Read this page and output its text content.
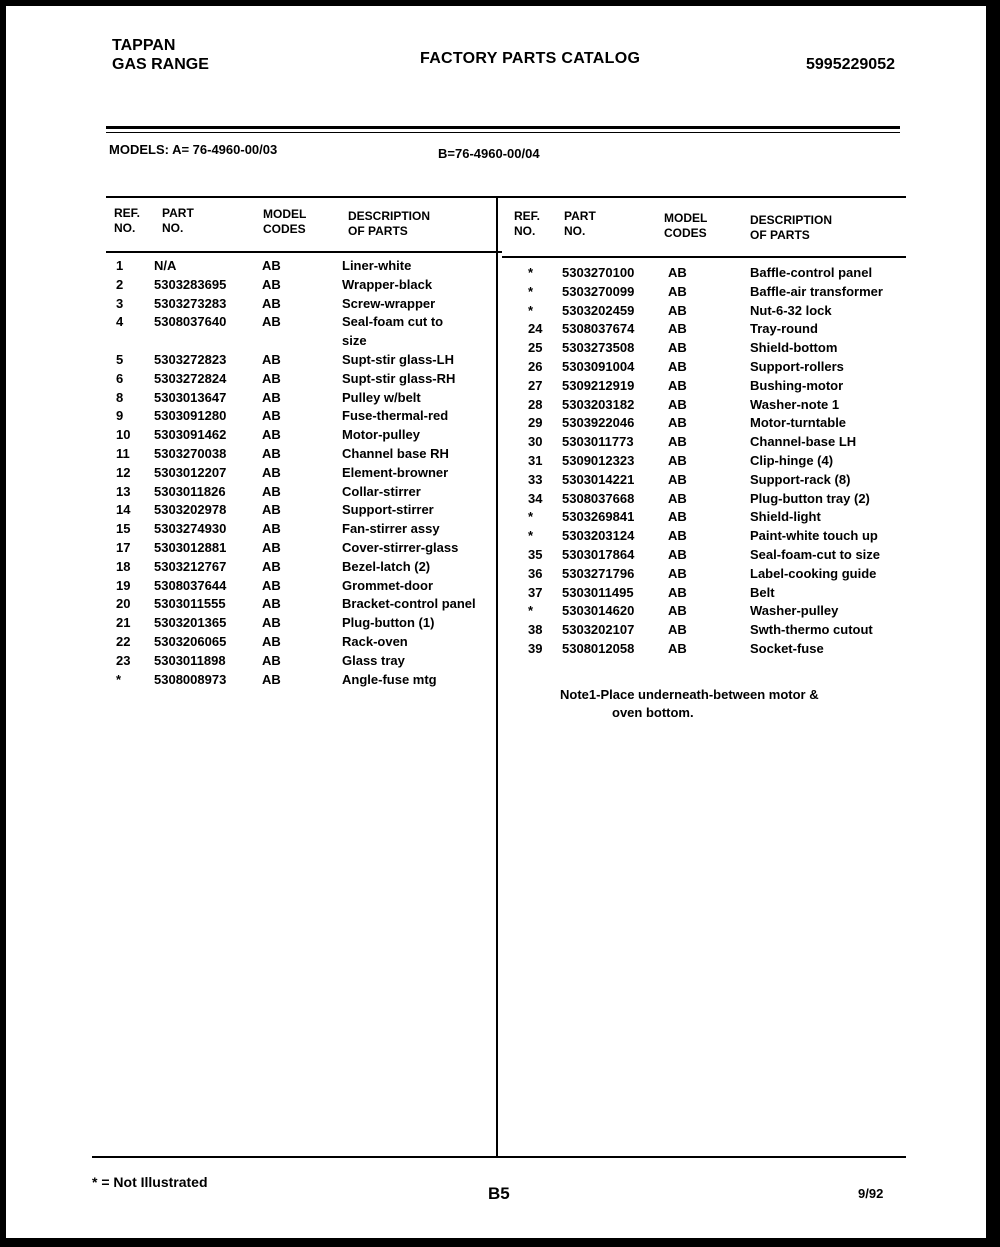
TAPPAN
GAS RANGE	FACTORY PARTS CATALOG	5995229052
MODELS: A= 76-4960-00/03	B=76-4960-00/04
REF.
NO.
PART
NO.
MODEL
CODES
DESCRIPTION
OF PARTS
REF.
NO.
PART
NO.
MODEL
CODES
DESCRIPTION
OF PARTS
1 N/A	AB	Liner-white
2 5303283695	AB	Wrapper-black
3 5303273283	AB	Screw-wrapper
4 5308037640	AB	Seal-foam cut to
size
5 5303272823	AB	Supt-stir glass-LH
6 5303272824	AB	Supt-stir glass-RH
8 5303013647	AB	Pulley w/belt
9 5303091280	AB	Fuse-thermal-red
10 5303091462	AB	Motor-pulley
11 5303270038	AB	Channel base RH
12 5303012207	AB	Element-browner
13 5303011826	AB	Collar-stirrer
14 5303202978	AB	Support-stirrer
15 5303274930	AB	Fan-stirrer assy
17 5303012881	AB	Cover-stirrer-glass
18 5303212767	AB	Bezel-latch (2)
19 5308037644	AB	Grommet-door
20 5303011555	AB	Bracket-control panel
21 5303201365	AB	Plug-button (1)
22 5303206065	AB	Rack-oven
23 5303011898	AB	Glass tray
*	5308008973	AB	Angle-fuse mtg
* 5303270100	AB	Baffle-control panel
* 5303270099	AB	Baffle-air transformer
* 5303202459	AB	Nut-6-32 lock
24 5308037674	AB	Tray-round
25 5303273508	AB	Shield-bottom
26 5303091004	AB	Support-rollers
27 5309212919	AB	Bushing-motor
28 5303203182	AB	Washer-note 1
29 5303922046	AB	Motor-turntable
30 5303011773	AB	Channel-base LH
31 5309012323	AB	Clip-hinge (4)
33 5303014221	AB	Support-rack (8)
34 5308037668	AB	Plug-button tray (2)
* 5303269841	AB	Shield-light
* 5303203124	AB	Paint-white touch up
35 5303017864	AB	Seal-foam-cut to size
36 5303271796	AB	Label-cooking guide
37 5303011495	AB	Belt
* 5303014620	AB	Washer-pulley
38 5303202107	AB	Swth-thermo cutout
39 5308012058	AB	Socket-fuse
Note1-Place underneath-between motor &
oven bottom.
* = Not Illustrated
B5	9/92
